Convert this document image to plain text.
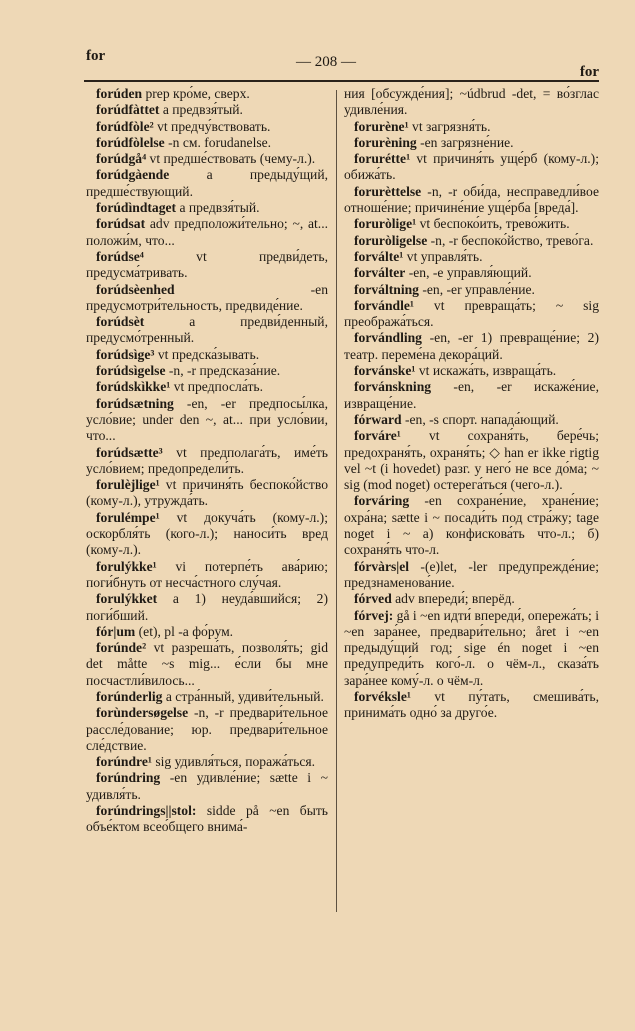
for	— 208 —
for

forúden prep кро́ме, сверх.

forúdfàttet a предвзя́тый.

forúdfòle² vt предчу́вствовать.

forúdfòlelse -n см. forudanelse.

forúdgå⁴ vt предше́ствовать (чему-л.).

forúdgàende a предыду́щий, предше́ствующий.

forúdìndtaget a предвзя́тый.

forúdsat adv предположи́тельно; ~, at... положи́м, что...

forúdse⁴ vt предви́деть, предусма́тривать.

forúdsèenhed -en предусмотри́тельность, предвиде́ние.

forúdsèt a предви́денный, предусмо́тренный.

forúdsìge³ vt предска́зывать.

forúdsìgelse -n, -r предсказа́ние.

forúdskìkke¹ vt предпосла́ть.

forúdsætning -en, -er предпосы́лка, усло́вие; under den ~, at... при усло́вии, что...

forúdsætte³ vt предполага́ть, име́ть усло́вием; предопредели́ть.

forulèjlige¹ vt причиня́ть беспоко́йство (кому-л.), утружда́ть.

forulémpe¹ vt докуча́ть (кому-л.); оскорбля́ть (кого-л.); наноси́ть вред (кому-л.).

forulýkke¹ vi потерпе́ть ава́рию; поги́бнуть от несча́стного слу́чая.

forulýkket a 1) неуда́вшийся; 2) поги́бший.

fór|um (et), pl -a фо́рум.

forúnde² vt разреша́ть, позволя́ть; gid det måtte ~s mig... е́сли бы мне посчастли́вилось...

forúnderlig a стра́нный, удиви́тельный.

forùndersøgelse -n, -r предвари́тельное рассле́дование; юр. предвари́тельное сле́дствие.

forúndre¹ sig удивля́ться, поража́ться.

forúndring -en удивле́ние; sætte i ~ удивля́ть.

forúndrings||stol: sidde på ~en быть объе́ктом всео́бщего внима́-

ния [обсужде́ния]; ~údbrud -det, = во́зглас удивле́ния.

forurène¹ vt загрязня́ть.

forurèning -en загрязне́ние.

forurétte¹ vt причиня́ть уще́рб (кому-л.); обижа́ть.

forurèttelse -n, -r оби́да, несправедли́вое отноше́ние; причине́ние уще́рба [вреда́].

foruròlige¹ vt беспоко́ить, трево́жить.

foruròligelse -n, -r беспоко́йство, трево́га.

forválte¹ vt управля́ть.

forválter -en, -e управля́ющий.

forváltning -en, -er управле́ние.

forvándle¹ vt превраща́ть; ~ sig преобража́ться.

forvándling -en, -er 1) превраще́ние; 2) театр. переме́на декора́ций.

forvánske¹ vt искажа́ть, извраща́ть.

forvánskning -en, -er искаже́ние, извраще́ние.

fórward -en, -s спорт. напада́ющий.

forváre¹ vt сохраня́ть, бере́чь; предохраня́ть, охраня́ть; ◇ han er ikke rigtig vel ~t (i hovedet) разг. у него́ не все до́ма; ~ sig (mod noget) остерега́ться (чего-л.).

forváring -en сохране́ние, хране́ние; охра́на; sætte i ~ посади́ть под стра́жу; tage noget i ~ а) конфискова́ть что-л.; б) сохраня́ть что-л.

fórvàrs|el -(e)let, -ler предупрежде́ние; предзнаменова́ние.

fórved adv впереди́; вперёд.

fórvej: gå i ~en идти́ впереди́, опережа́ть; i ~en зара́нее, предвари́тельно; året i ~en предыду́щий год; sige én noget i ~en предупреди́ть кого́-л. о чём-л., сказа́ть зара́нее кому́-л. о чём-л.

forvéksle¹ vt пу́тать, смешива́ть, принима́ть одно́ за друго́е.
